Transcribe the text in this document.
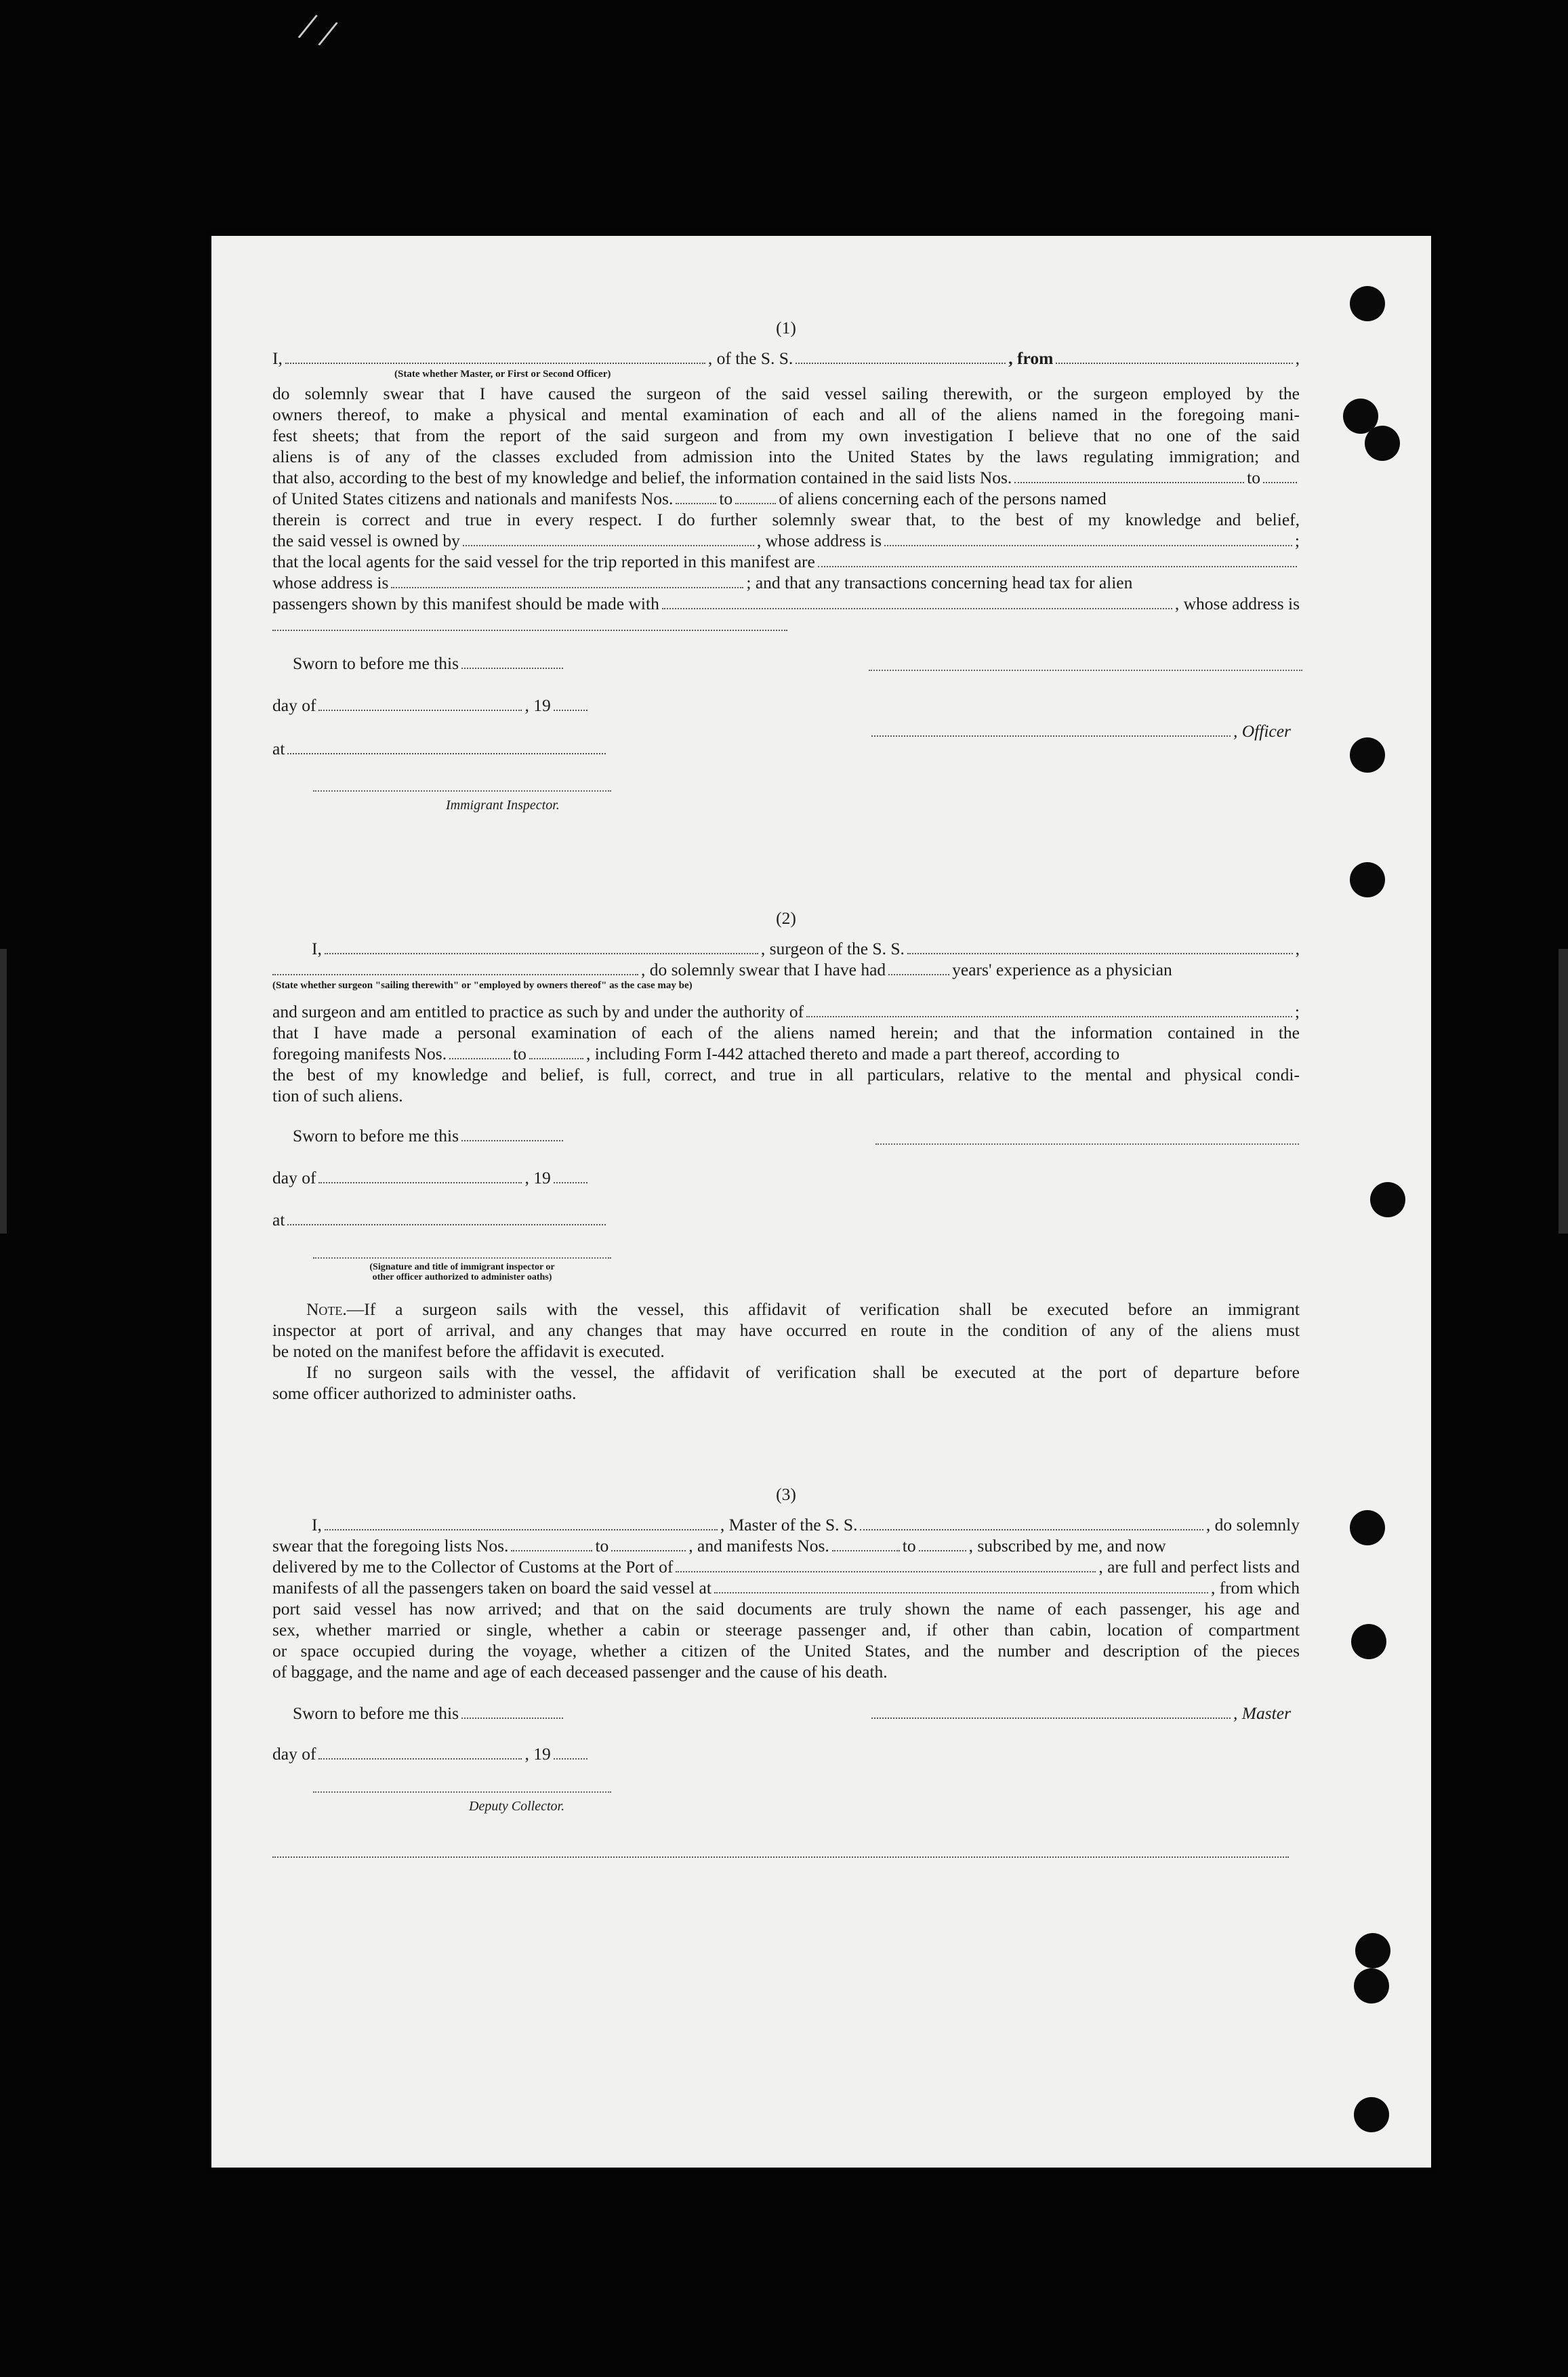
/ /
(1)
I,	, of the S. S.	, from	,
(State whether Master, or First or Second Officer)
do solemnly swear that I have caused the surgeon of the said vessel sailing therewith, or the surgeon employed by the
owners thereof, to make a physical and mental examination of each and all of the aliens named in the foregoing mani-
fest sheets; that from the report of the said surgeon and from my own investigation I believe that no one of the said
aliens is of any of the classes excluded from admission into the United States by the laws regulating immigration; and
that also, according to the best of my knowledge and belief, the information contained in the said lists Nos.	to
of United States citizens and nationals and manifests Nos.	to	of aliens concerning each of the persons named
therein is correct and true in every respect. I do further solemnly swear that, to the best of my knowledge and belief,
the said vessel is owned by	, whose address is	;
that the local agents for the said vessel for the trip reported in this manifest are
whose address is	; and that any transactions concerning head tax for alien
passengers shown by this manifest should be made with	, whose address is
Sworn to before me this
day of	, 19
, Officer
at
Immigrant Inspector.
(2)
I,	, surgeon of the S. S.	,
, do solemnly swear that I have had	years' experience as a physician
(State whether surgeon "sailing therewith" or "employed by owners thereof" as the case may be)
and surgeon and am entitled to practice as such by and under the authority of	;
that I have made a personal examination of each of the aliens named herein; and that the information contained in the
foregoing manifests Nos.	to	, including Form I-442 attached thereto and made a part thereof, according to
the best of my knowledge and belief, is full, correct, and true in all particulars, relative to the mental and physical condi-
tion of such aliens.
Sworn to before me this
day of	, 19
at
(Signature and title of immigrant inspector or
other officer authorized to administer oaths)
Note.—If a surgeon sails with the vessel, this affidavit of verification shall be executed before an immigrant
inspector at port of arrival, and any changes that may have occurred en route in the condition of any of the aliens must
be noted on the manifest before the affidavit is executed.
If no surgeon sails with the vessel, the affidavit of verification shall be executed at the port of departure before
some officer authorized to administer oaths.
(3)
I,	, Master of the S. S.	, do solemnly
swear that the foregoing lists Nos.	to	, and manifests Nos.	to	, subscribed by me, and now
delivered by me to the Collector of Customs at the Port of	, are full and perfect lists and
manifests of all the passengers taken on board the said vessel at	, from which
port said vessel has now arrived; and that on the said documents are truly shown the name of each passenger, his age and
sex, whether married or single, whether a cabin or steerage passenger and, if other than cabin, location of compartment
or space occupied during the voyage, whether a citizen of the United States, and the number and description of the pieces
of baggage, and the name and age of each deceased passenger and the cause of his death.
Sworn to before me this	, Master
day of	, 19
Deputy Collector.
